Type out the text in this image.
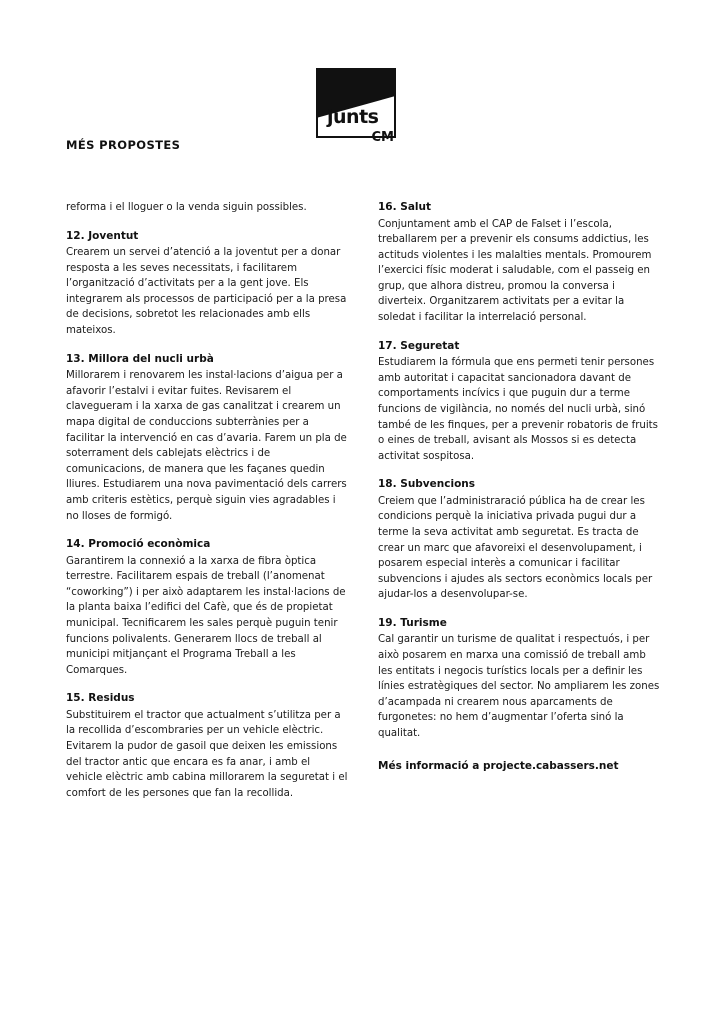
junts
CM
MÉS PROPOSTES

reforma i el lloguer o la venda siguin possibles.

12. Joventut

Crearem un servei d’atenció a la joventut per a donar resposta a les seves necessitats, i facilitarem l’organització d’activitats per a la gent jove. Els integrarem als processos de participació per a la presa de decisions, sobretot les relacionades amb ells mateixos.

13. Millora del nucli urbà

Millorarem i renovarem les instal·lacions d’aigua per a afavorir l’estalvi i evitar fuites. Revisarem el clavegueram i la xarxa de gas canalitzat i crearem un mapa digital de conduccions subterrànies per a facilitar la intervenció en cas d’avaria. Farem un pla de soterrament dels cablejats elèctrics i de comunicacions, de manera que les façanes quedin lliures. Estudiarem una nova pavimentació dels carrers amb criteris estètics, perquè siguin vies agradables i no lloses de formigó.

14. Promoció econòmica

Garantirem la connexió a la xarxa de fibra òptica terrestre. Facilitarem espais de treball (l’anomenat “coworking”) i per això adaptarem les instal·lacions de la planta baixa l’edifici del Cafè, que és de propietat municipal. Tecnificarem les sales perquè puguin tenir funcions polivalents. Generarem llocs de treball al municipi mitjançant el Programa Treball a les Comarques.

15. Residus

Substituirem el tractor que actualment s’utilitza per a la recollida d’escombraries per un vehicle elèctric. Evitarem la pudor de gasoil que deixen les emissions del tractor antic que encara es fa anar, i amb el vehicle elèctric amb cabina millorarem la seguretat i el comfort de les persones que fan la recollida.

16. Salut

Conjuntament amb el CAP de Falset i l’escola, treballarem per a prevenir els consums addictius, les actituds violentes i les malalties mentals. Promourem l’exercici físic moderat i saludable, com el passeig en grup, que alhora distreu, promou la conversa i diverteix. Organitzarem activitats per a evitar la soledat i facilitar la interrelació personal.

17. Seguretat

Estudiarem la fórmula que ens permeti tenir persones amb autoritat i capacitat sancionadora davant de comportaments incívics i que puguin dur a terme funcions de vigilància, no només del nucli urbà, sinó també de les finques, per a prevenir robatoris de fruits o eines de treball, avisant als Mossos si es detecta activitat sospitosa.

18. Subvencions

Creiem que l’administraració pública ha de crear les condicions perquè la iniciativa privada pugui dur a terme la seva activitat amb seguretat. Es tracta de crear un marc que afavoreixi el desenvolupament, i posarem especial interès a comunicar i facilitar subvencions i ajudes als sectors econòmics locals per ajudar-los a desenvolupar-se.

19. Turisme

Cal garantir un turisme de qualitat i respectuós, i per això posarem en marxa una comissió de treball amb les entitats i negocis turístics locals per a definir les línies estratègiques del sector. No ampliarem les zones d’acampada ni crearem nous aparcaments de furgonetes: no hem d’augmentar l’oferta sinó la qualitat.

Més informació a projecte.cabassers.net
